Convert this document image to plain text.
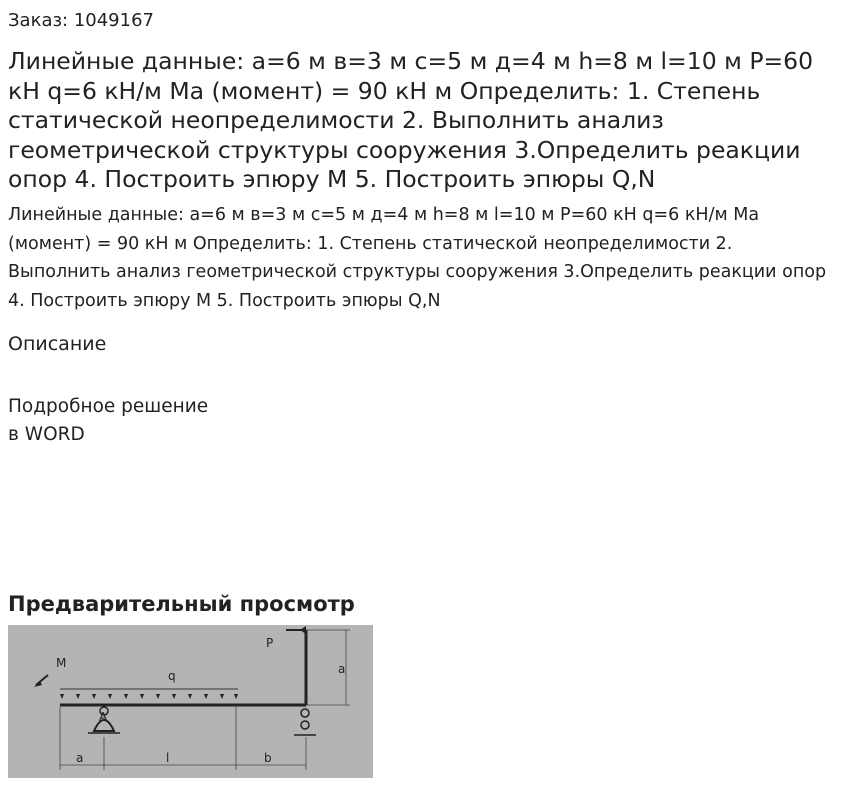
Заказ: 1049167
Линейные данные: а=6 м в=3 м с=5 м д=4 м h=8 м l=10 м P=60 кН q=6 кН/м Ма (момент) = 90 кН м Определить: 1. Степень статической неопределимости 2. Выполнить анализ геометрической структуры сооружения 3.Определить реакции опор 4. Построить эпюру М 5. Построить эпюры Q,N
Линейные данные: а=6 м в=3 м с=5 м д=4 м h=8 м l=10 м P=60 кН q=6 кН/м Ма (момент) = 90 кН м Определить: 1. Степень статической неопределимости 2. Выполнить анализ геометрической структуры сооружения 3.Определить реакции опор 4. Построить эпюру М 5. Построить эпюры Q,N
Описание
Подробное решение
в WORD
Предварительный просмотр
P
a
M
q
A
a	l	b
